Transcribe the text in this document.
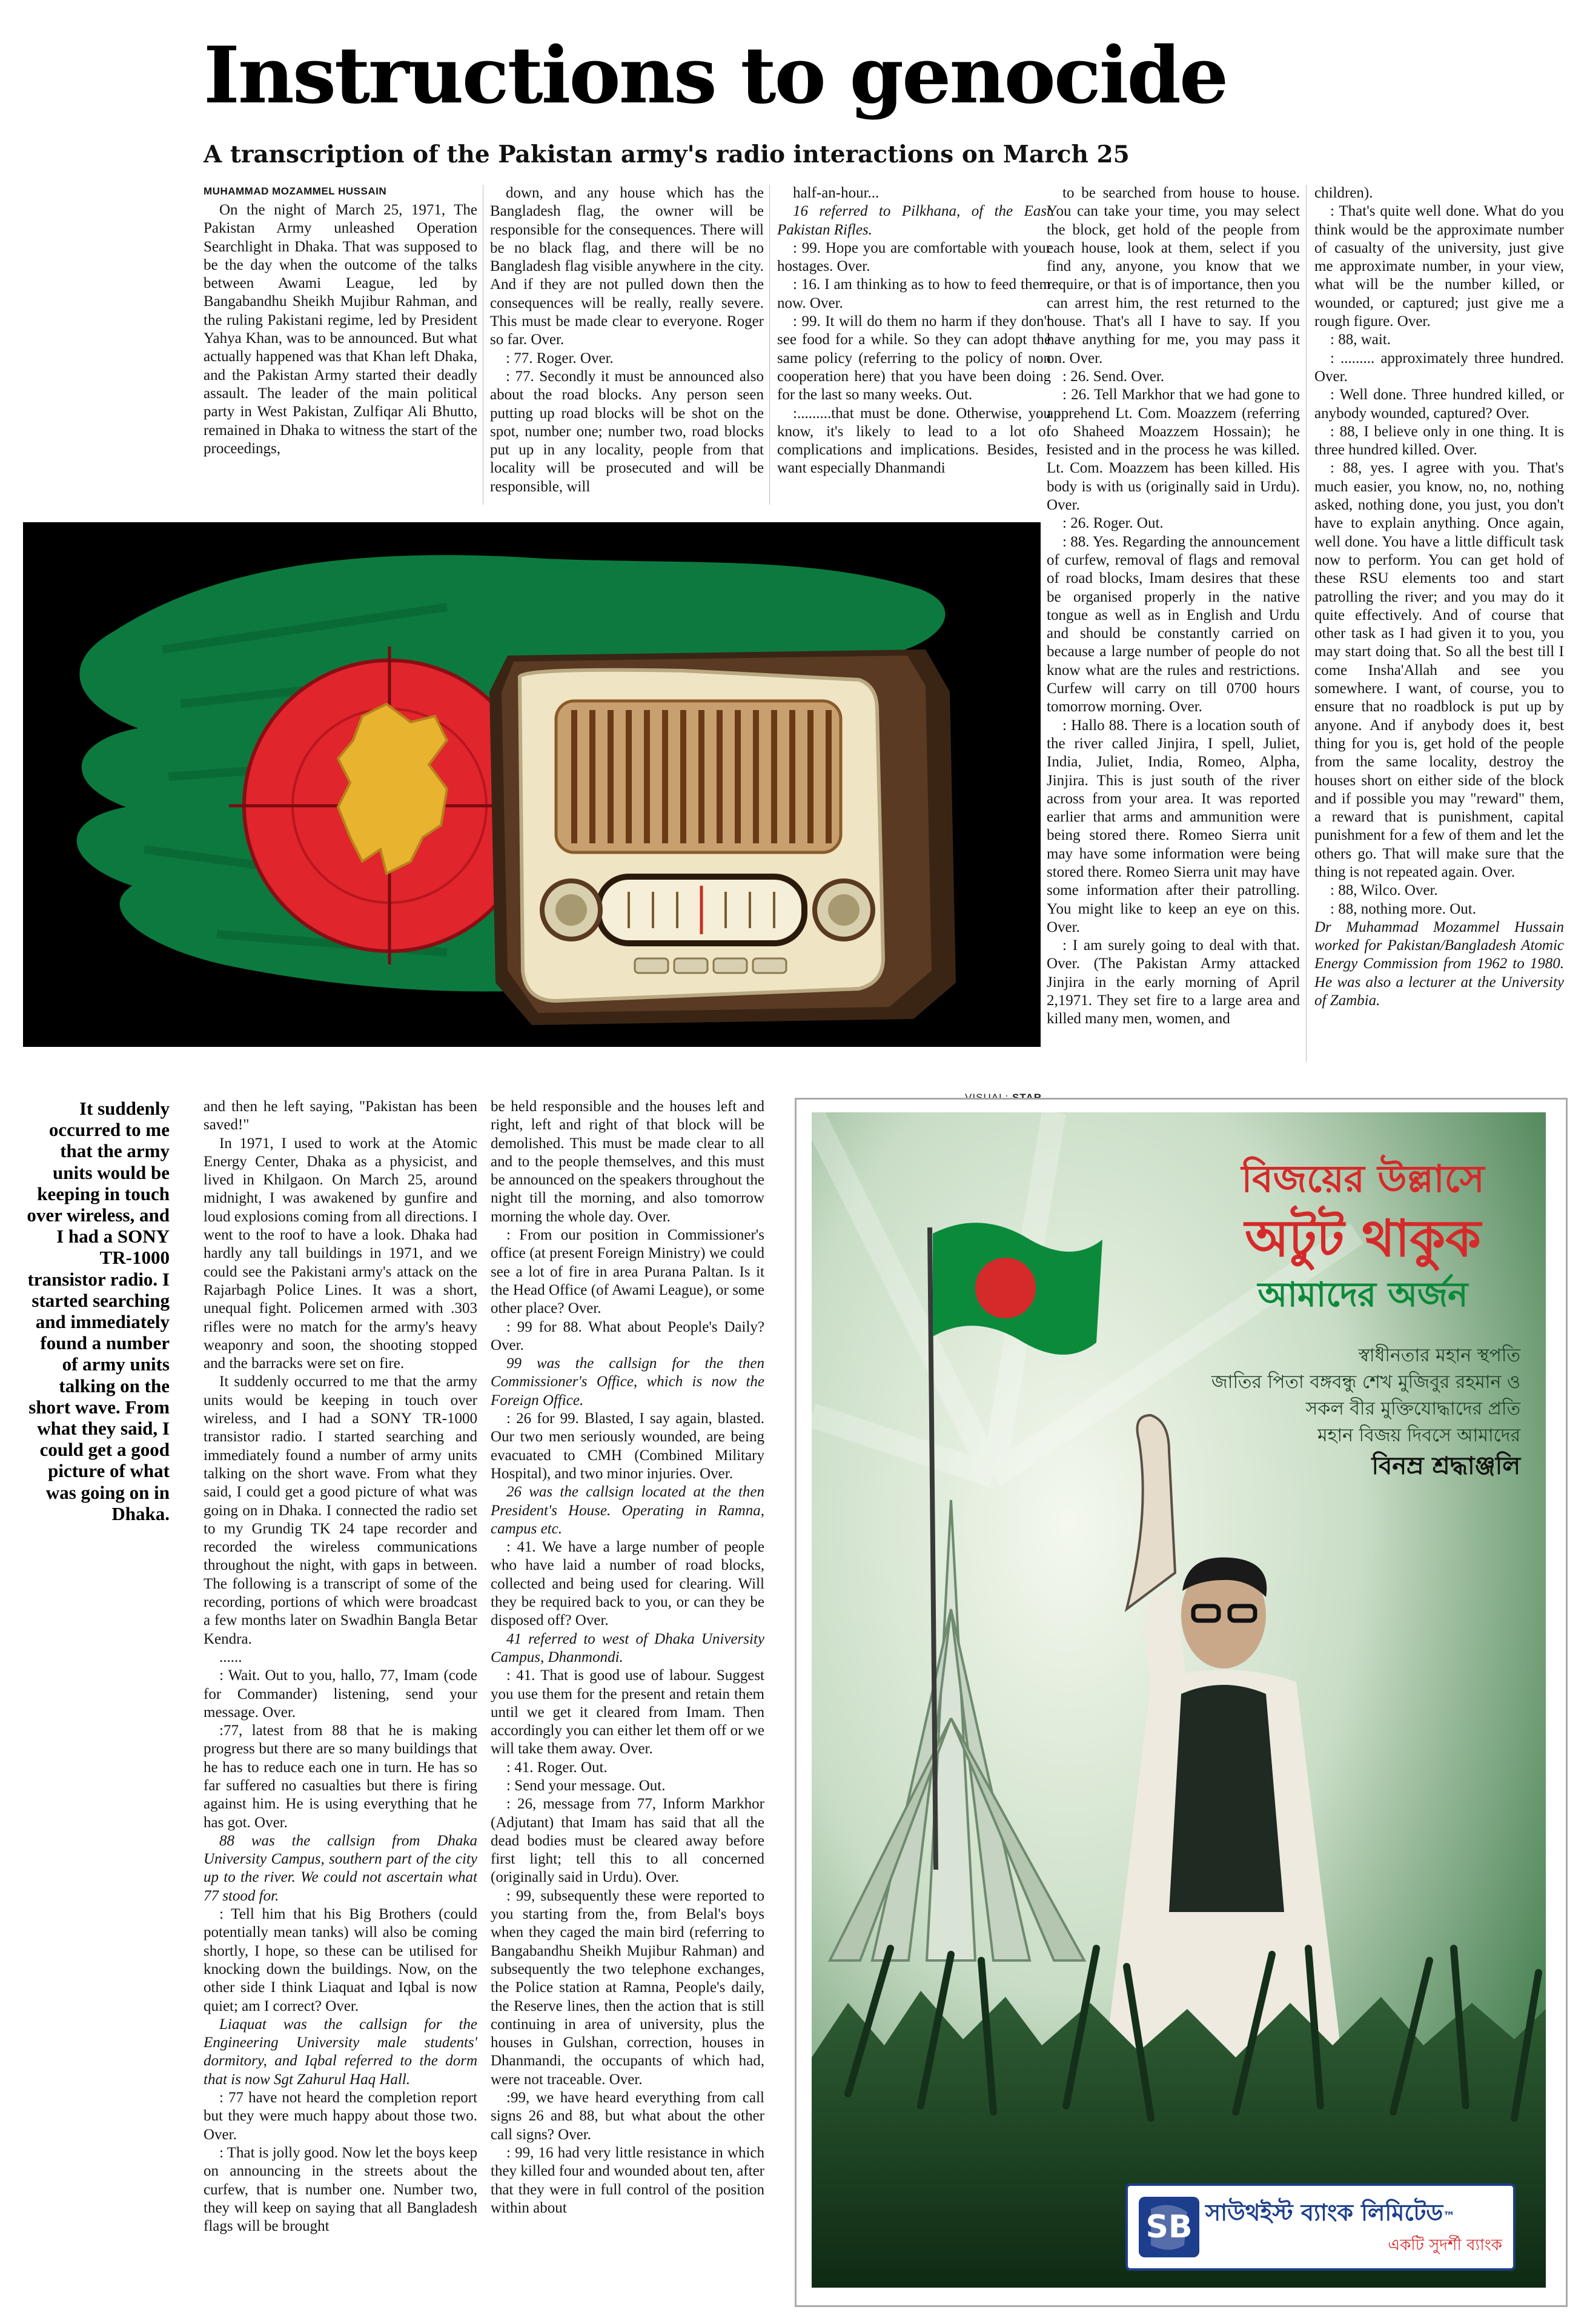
Instructions to genocide
A transcription of the Pakistan army's radio interactions on March 25
MUHAMMAD MOZAMMEL HUSSAIN

On the night of March 25, 1971, The Pakistan Army unleashed Operation Searchlight in Dhaka. That was supposed to be the day when the outcome of the talks between Awami League, led by Bangabandhu Sheikh Mujibur Rahman, and the ruling Pakistani regime, led by President Yahya Khan, was to be announced. But what actually happened was that Khan left Dhaka, and the Pakistan Army started their deadly assault. The leader of the main political party in West Pakistan, Zulfiqar Ali Bhutto, remained in Dhaka to witness the start of the proceedings,

down, and any house which has the Bangladesh flag, the owner will be responsible for the consequences. There will be no black flag, and there will be no Bangladesh flag visible anywhere in the city. And if they are not pulled down then the consequences will be really, really severe. This must be made clear to everyone. Roger so far. Over.

: 77. Roger. Over.

: 77. Secondly it must be announced also about the road blocks. Any person seen putting up road blocks will be shot on the spot, number one; number two, road blocks put up in any locality, people from that locality will be prosecuted and will be responsible, will

half-an-hour...

16 referred to Pilkhana, of the East Pakistan Rifles.

: 99. Hope you are comfortable with your hostages. Over.

: 16. I am thinking as to how to feed them now. Over.

: 99. It will do them no harm if they don't see food for a while. So they can adopt the same policy (referring to the policy of non cooperation here) that you have been doing for the last so many weeks. Out.

:.........that must be done. Otherwise, you know, it's likely to lead to a lot of complications and implications. Besides, I want especially Dhanmandi

to be searched from house to house. You can take your time, you may select the block, get hold of the people from each house, look at them, select if you find any, anyone, you know that we require, or that is of importance, then you can arrest him, the rest returned to the house. That's all I have to say. If you have anything for me, you may pass it on. Over.

: 26. Send. Over.

: 26. Tell Markhor that we had gone to apprehend Lt. Com. Moazzem (referring to Shaheed Moazzem Hossain); he resisted and in the process he was killed. Lt. Com. Moazzem has been killed. His body is with us (originally said in Urdu). Over.

: 26. Roger. Out.

: 88. Yes. Regarding the announcement of curfew, removal of flags and removal of road blocks, Imam desires that these be organised properly in the native tongue as well as in English and Urdu and should be constantly carried on because a large number of people do not know what are the rules and restrictions. Curfew will carry on till 0700 hours tomorrow morning. Over.

: Hallo 88. There is a location south of the river called Jinjira, I spell, Juliet, India, Juliet, India, Romeo, Alpha, Jinjira. This is just south of the river across from your area. It was reported earlier that arms and ammunition were being stored there. Romeo Sierra unit may have some information were being stored there. Romeo Sierra unit may have some information after their patrolling. You might like to keep an eye on this. Over.

: I am surely going to deal with that. Over. (The Pakistan Army attacked Jinjira in the early morning of April 2,1971. They set fire to a large area and killed many men, women, and

children).

: That's quite well done. What do you think would be the approximate number of casualty of the university, just give me approximate number, in your view, what will be the number killed, or wounded, or captured; just give me a rough figure. Over.

: 88, wait.

: ......... approximately three hundred. Over.

: Well done. Three hundred killed, or anybody wounded, captured? Over.

: 88, I believe only in one thing. It is three hundred killed. Over.

: 88, yes. I agree with you. That's much easier, you know, no, no, nothing asked, nothing done, you just, you don't have to explain anything. Once again, well done. You have a little difficult task now to perform. You can get hold of these RSU elements too and start patrolling the river; and you may do it quite effectively. And of course that other task as I had given it to you, you may start doing that. So all the best till I come Insha'Allah and see you somewhere. I want, of course, you to ensure that no roadblock is put up by anyone. And if anybody does it, best thing for you is, get hold of the people from the same locality, destroy the houses short on either side of the block and if possible you may "reward" them, a reward that is punishment, capital punishment for a few of them and let the others go. That will make sure that the thing is not repeated again. Over.

: 88, Wilco. Over.

: 88, nothing more. Out.

Dr Muhammad Mozammel Hussain worked for Pakistan/Bangladesh Atomic Energy Commission from 1962 to 1980. He was also a lecturer at the University of Zambia.

It suddenly occurred to me that the army units would be keeping in touch over wireless, and I had a SONY TR-1000 transistor radio. I started searching and immediately found a number of army units talking on the short wave. From what they said, I could get a good picture of what was going on in Dhaka.

and then he left saying, "Pakistan has been saved!"

In 1971, I used to work at the Atomic Energy Center, Dhaka as a physicist, and lived in Khilgaon. On March 25, around midnight, I was awakened by gunfire and loud explosions coming from all directions. I went to the roof to have a look. Dhaka had hardly any tall buildings in 1971, and we could see the Pakistani army's attack on the Rajarbagh Police Lines. It was a short, unequal fight. Policemen armed with .303 rifles were no match for the army's heavy weaponry and soon, the shooting stopped and the barracks were set on fire.

It suddenly occurred to me that the army units would be keeping in touch over wireless, and I had a SONY TR-1000 transistor radio. I started searching and immediately found a number of army units talking on the short wave. From what they said, I could get a good picture of what was going on in Dhaka. I connected the radio set to my Grundig TK 24 tape recorder and recorded the wireless communications throughout the night, with gaps in between. The following is a transcript of some of the recording, portions of which were broadcast a few months later on Swadhin Bangla Betar Kendra.

......

: Wait. Out to you, hallo, 77, Imam (code for Commander) listening, send your message. Over.

:77, latest from 88 that he is making progress but there are so many buildings that he has to reduce each one in turn. He has so far suffered no casualties but there is firing against him. He is using everything that he has got. Over.

88 was the callsign from Dhaka University Campus, southern part of the city up to the river. We could not ascertain what 77 stood for.

: Tell him that his Big Brothers (could potentially mean tanks) will also be coming shortly, I hope, so these can be utilised for knocking down the buildings. Now, on the other side I think Liaquat and Iqbal is now quiet; am I correct? Over.

Liaquat was the callsign for the Engineering University male students' dormitory, and Iqbal referred to the dorm that is now Sgt Zahurul Haq Hall.

: 77 have not heard the completion report but they were much happy about those two. Over.

: That is jolly good. Now let the boys keep on announcing in the streets about the curfew, that is number one. Number two, they will keep on saying that all Bangladesh flags will be brought

be held responsible and the houses left and right, left and right of that block will be demolished. This must be made clear to all and to the people themselves, and this must be announced on the speakers throughout the night till the morning, and also tomorrow morning the whole day. Over.

: From our position in Commissioner's office (at present Foreign Ministry) we could see a lot of fire in area Purana Paltan. Is it the Head Office (of Awami League), or some other place? Over.

: 99 for 88. What about People's Daily? Over.

99 was the callsign for the then Commissioner's Office, which is now the Foreign Office.

: 26 for 99. Blasted, I say again, blasted. Our two men seriously wounded, are being evacuated to CMH (Combined Military Hospital), and two minor injuries. Over.

26 was the callsign located at the then President's House. Operating in Ramna, campus etc.

: 41. We have a large number of people who have laid a number of road blocks, collected and being used for clearing. Will they be required back to you, or can they be disposed off? Over.

41 referred to west of Dhaka University Campus, Dhanmondi.

: 41. That is good use of labour. Suggest you use them for the present and retain them until we get it cleared from Imam. Then accordingly you can either let them off or we will take them away. Over.

: 41. Roger. Out.

: Send your message. Out.

: 26, message from 77, Inform Markhor (Adjutant) that Imam has said that all the dead bodies must be cleared away before first light; tell this to all concerned (originally said in Urdu). Over.

: 99, subsequently these were reported to you starting from the, from Belal's boys when they caged the main bird (referring to Bangabandhu Sheikh Mujibur Rahman) and subsequently the two telephone exchanges, the Police station at Ramna, People's daily, the Reserve lines, then the action that is still continuing in area of university, plus the houses in Gulshan, correction, houses in Dhanmandi, the occupants of which had, were not traceable. Over.

:99, we have heard everything from call signs 26 and 88, but what about the other call signs? Over.

: 99, 16 had very little resistance in which they killed four and wounded about ten, after that they were in full control of the position within about

বিজয়ের উল্লাসে
অটুট থাকুক
আমাদের অর্জন
স্বাধীনতার মহান স্থপতি
জাতির পিতা বঙ্গবন্ধু শেখ মুজিবুর রহমান ও
সকল বীর মুক্তিযোদ্ধাদের প্রতি
মহান বিজয় দিবসে আমাদের
বিনম্র শ্রদ্ধাঞ্জলি
SB সাউথইস্ট ব্যাংক লিমিটেড™
একটি সুদর্শী ব্যাংক
